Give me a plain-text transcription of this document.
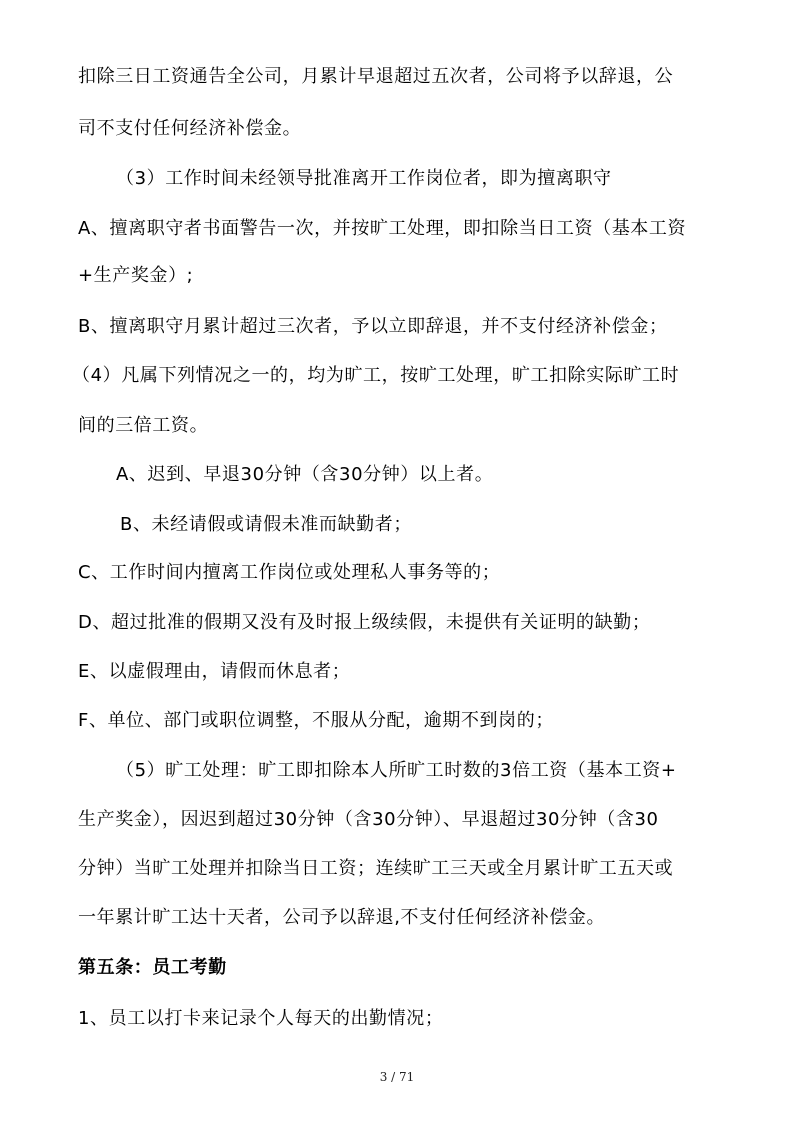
扣除三日工资通告全公司，月累计早退超过五次者，公司将予以辞退，公
司不支付任何经济补偿金。
（3）工作时间未经领导批准离开工作岗位者，即为擅离职守
A、擅离职守者书面警告一次，并按旷工处理，即扣除当日工资（基本工资
+生产奖金）;
B、擅离职守月累计超过三次者，予以立即辞退，并不支付经济补偿金；
（4）凡属下列情况之一的，均为旷工，按旷工处理，旷工扣除实际旷工时
间的三倍工资。
A、迟到、早退30分钟（含30分钟）以上者。
B、未经请假或请假未准而缺勤者；
C、工作时间内擅离工作岗位或处理私人事务等的；
D、超过批准的假期又没有及时报上级续假，未提供有关证明的缺勤；
E、以虚假理由，请假而休息者；
F、单位、部门或职位调整，不服从分配，逾期不到岗的；
（5）旷工处理：旷工即扣除本人所旷工时数的3倍工资（基本工资+
生产奖金），因迟到超过30分钟（含30分钟）、早退超过30分钟（含30
分钟）当旷工处理并扣除当日工资；连续旷工三天或全月累计旷工五天或
一年累计旷工达十天者，公司予以辞退,不支付任何经济补偿金。
第五条：员工考勤
1、员工以打卡来记录个人每天的出勤情况；
3 / 71
